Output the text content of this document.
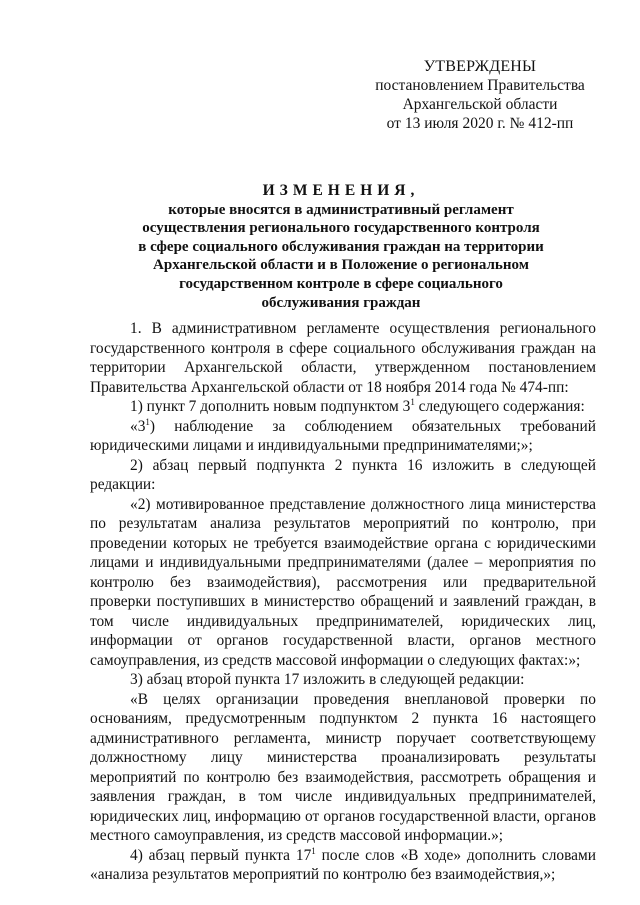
УТВЕРЖДЕНЫ
постановлением Правительства
Архангельской области
от 13 июля 2020 г. № 412-пп
ИЗМЕНЕНИЯ,
которые вносятся в административный регламент
осуществления регионального государственного контроля
в сфере социального обслуживания граждан на территории
Архангельской области и в Положение о региональном
государственном контроле в сфере социального
обслуживания граждан

1. В административном регламенте осуществления регионального государственного контроля в сфере социального обслуживания граждан на территории Архангельской области, утвержденном постановлением Правительства Архангельской области от 18 ноября 2014 года № 474-пп:

1) пункт 7 дополнить новым подпунктом $3^1$ следующего содержания:

«$3^1$) наблюдение за соблюдением обязательных требований юридическими лицами и индивидуальными предпринимателями;»;

2) абзац первый подпункта 2 пункта 16 изложить в следующей редакции:

«2) мотивированное представление должностного лица министерства по результатам анализа результатов мероприятий по контролю, при проведении которых не требуется взаимодействие органа с юридическими лицами и индивидуальными предпринимателями (далее – мероприятия по контролю без взаимодействия), рассмотрения или предварительной проверки поступивших в министерство обращений и заявлений граждан, в том числе индивидуальных предпринимателей, юридических лиц, информации от органов государственной власти, органов местного самоуправления, из средств массовой информации о следующих фактах:»;

3) абзац второй пункта 17 изложить в следующей редакции:

«В целях организации проведения внеплановой проверки по основаниям, предусмотренным подпунктом 2 пункта 16 настоящего административного регламента, министр поручает соответствующему должностному лицу министерства проанализировать результаты мероприятий по контролю без взаимодействия, рассмотреть обращения и заявления граждан, в том числе индивидуальных предпринимателей, юридических лиц, информацию от органов государственной власти, органов местного самоуправления, из средств массовой информации.»;

4) абзац первый пункта $17^1$ после слов «В ходе» дополнить словами «анализа результатов мероприятий по контролю без взаимодействия,»;
